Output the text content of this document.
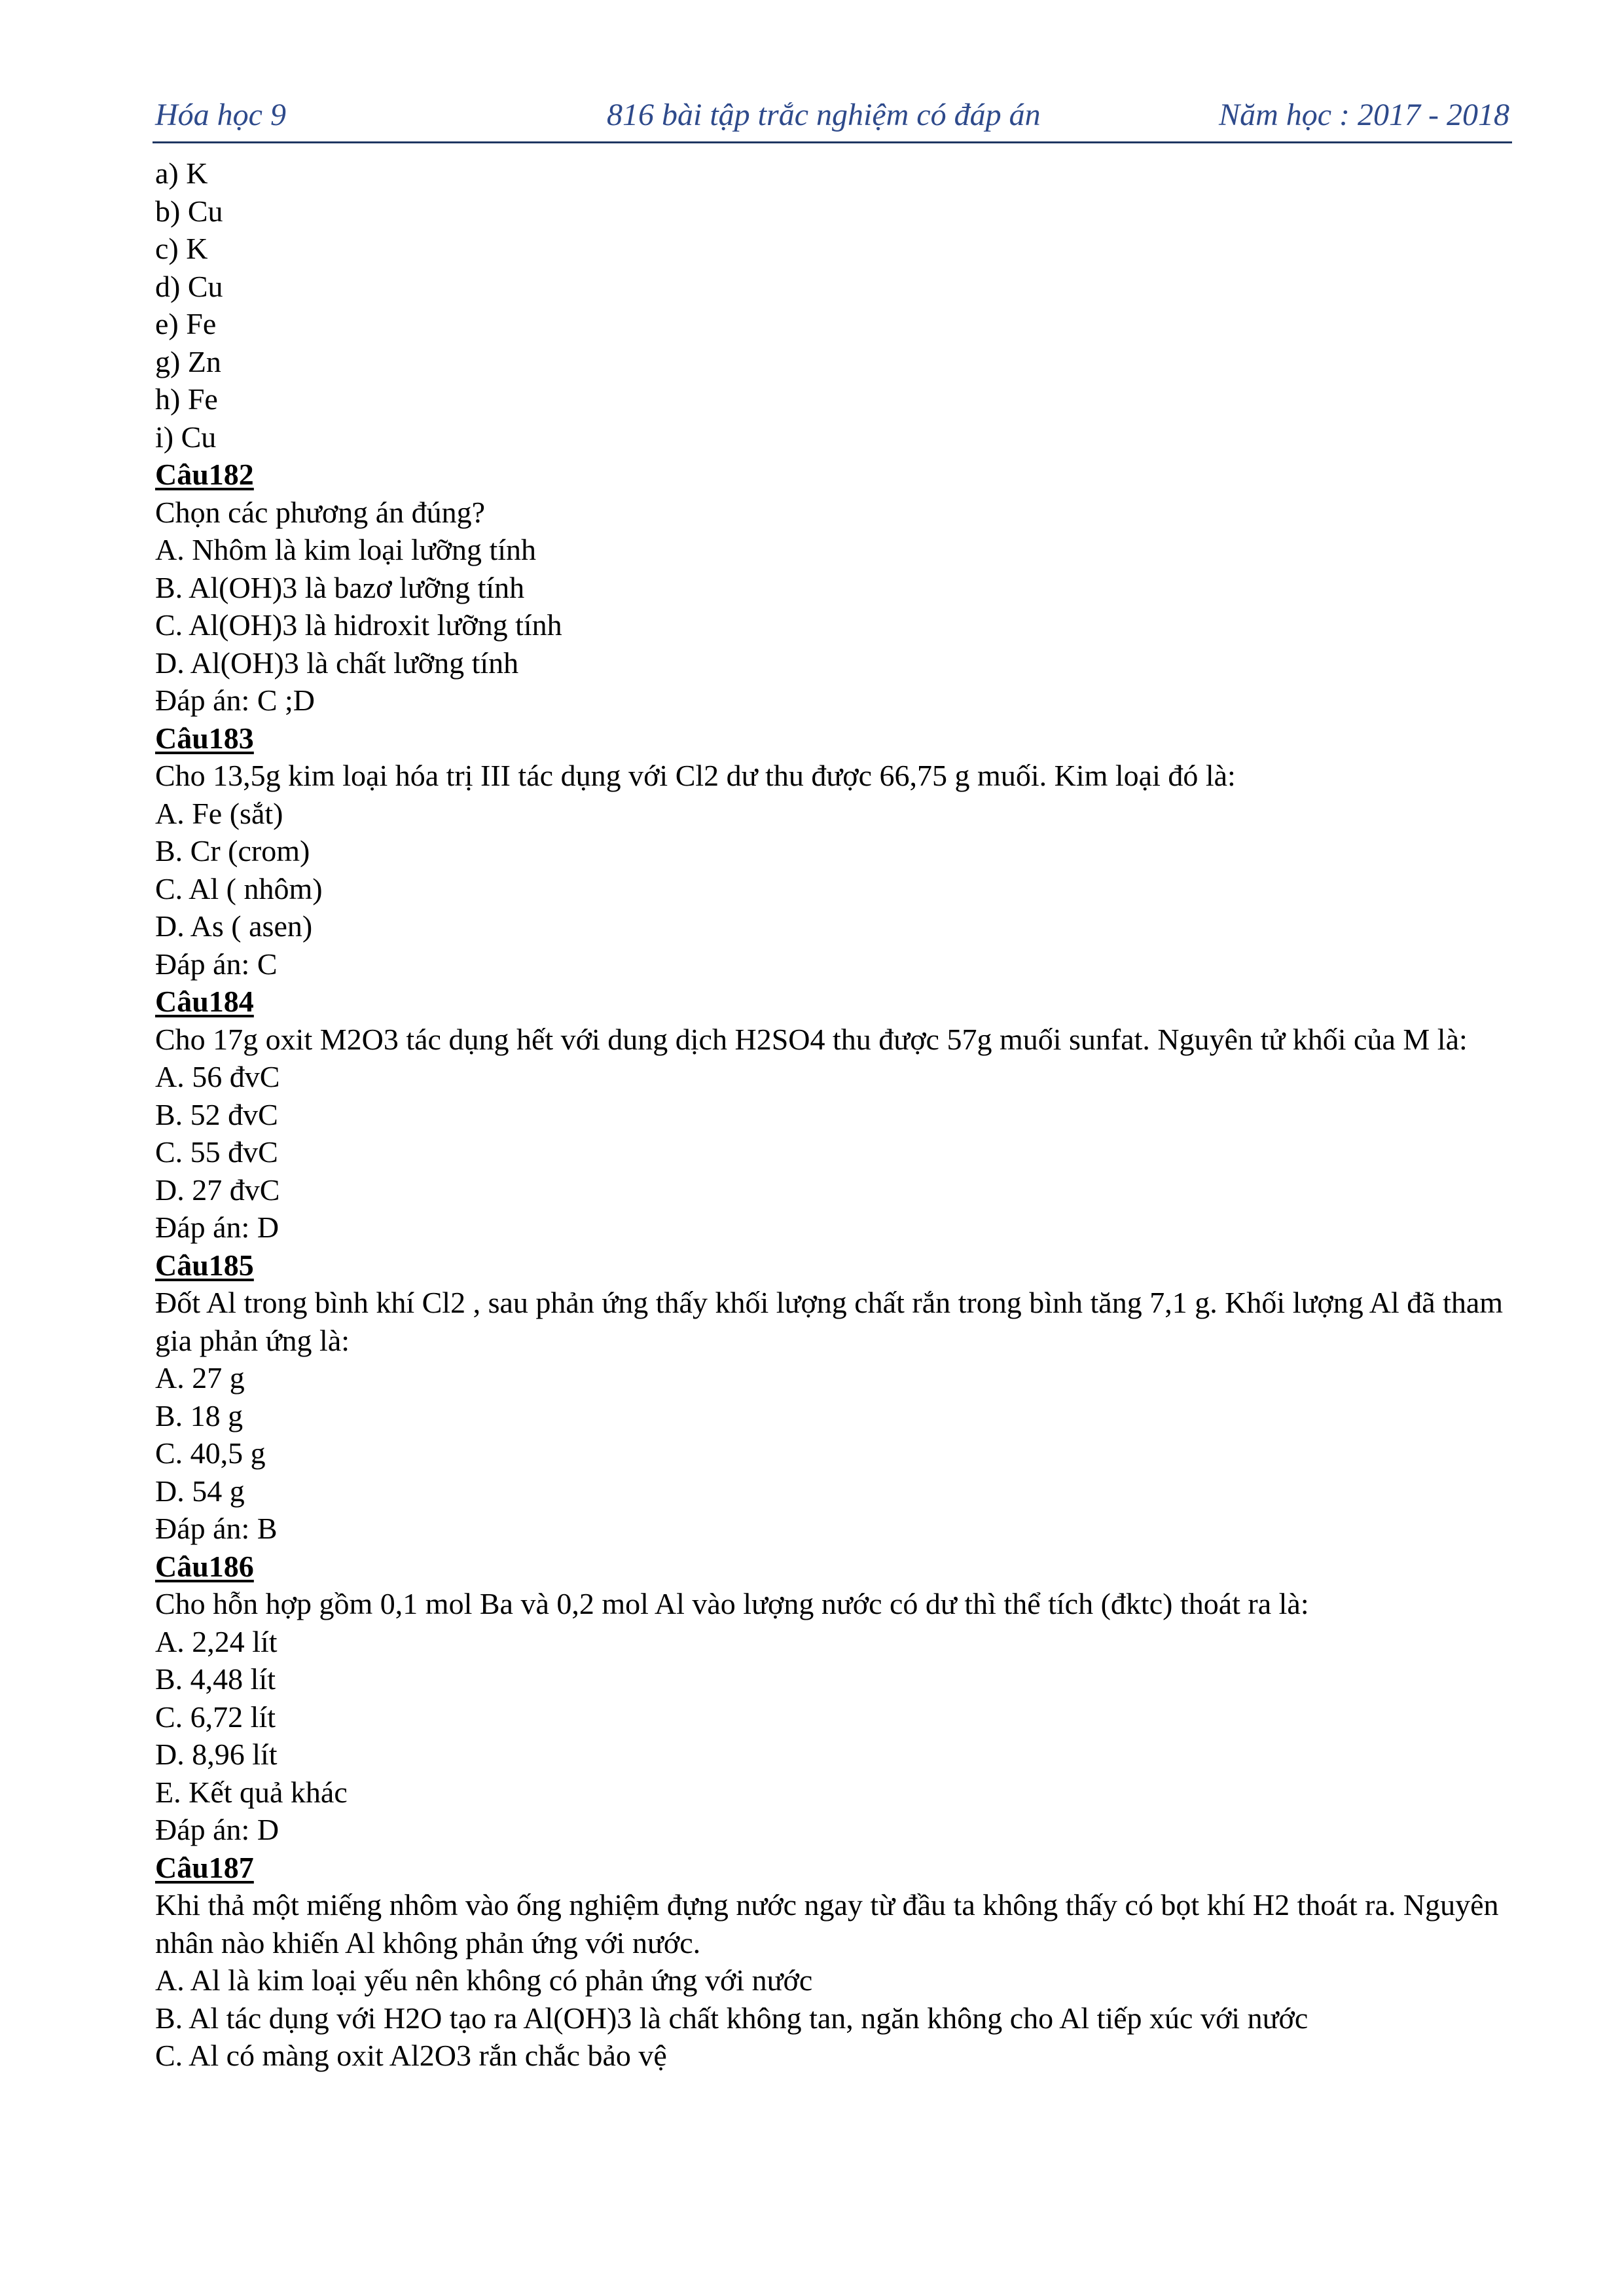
Hóa học 9	816 bài tập trắc nghiệm có đáp án	Năm học : 2017 - 2018
a) K
b) Cu
c) K
d) Cu
e) Fe
g) Zn
h) Fe
i) Cu
Câu182
Chọn các phương án đúng?
A. Nhôm là kim loại lưỡng tính
B. Al(OH)3 là bazơ lưỡng tính
C. Al(OH)3 là hidroxit lưỡng tính
D. Al(OH)3 là chất lưỡng tính
Đáp án: C ;D
Câu183
Cho 13,5g kim loại hóa trị III tác dụng với Cl2 dư thu được 66,75 g muối. Kim loại đó là:
A. Fe (sắt)
B. Cr (crom)
C. Al ( nhôm)
D. As ( asen)
Đáp án: C
Câu184
Cho 17g oxit M2O3 tác dụng hết với dung dịch H2SO4 thu được 57g muối sunfat. Nguyên tử khối của M là:
A. 56 đvC
B. 52 đvC
C. 55 đvC
D. 27 đvC
Đáp án: D
Câu185
Đốt Al trong bình khí Cl2 , sau phản ứng thấy khối lượng chất rắn trong bình tăng 7,1 g. Khối lượng Al đã tham gia phản ứng là:
A. 27 g
B. 18 g
C. 40,5 g
D. 54 g
Đáp án: B
Câu186
Cho hỗn hợp gồm 0,1 mol Ba và 0,2 mol Al vào lượng nước có dư thì thể tích (đktc) thoát ra là:
A. 2,24 lít
B. 4,48 lít
C. 6,72 lít
D. 8,96 lít
E. Kết quả khác
Đáp án: D
Câu187
Khi thả một miếng nhôm vào ống nghiệm đựng nước ngay từ đầu ta không thấy có bọt khí H2 thoát ra. Nguyên nhân nào khiến Al không phản ứng với nước.
A. Al là kim loại yếu nên không có phản ứng với nước
B. Al tác dụng với H2O tạo ra Al(OH)3 là chất không tan, ngăn không cho Al tiếp xúc với nước
C. Al có màng oxit Al2O3 rắn chắc bảo vệ
